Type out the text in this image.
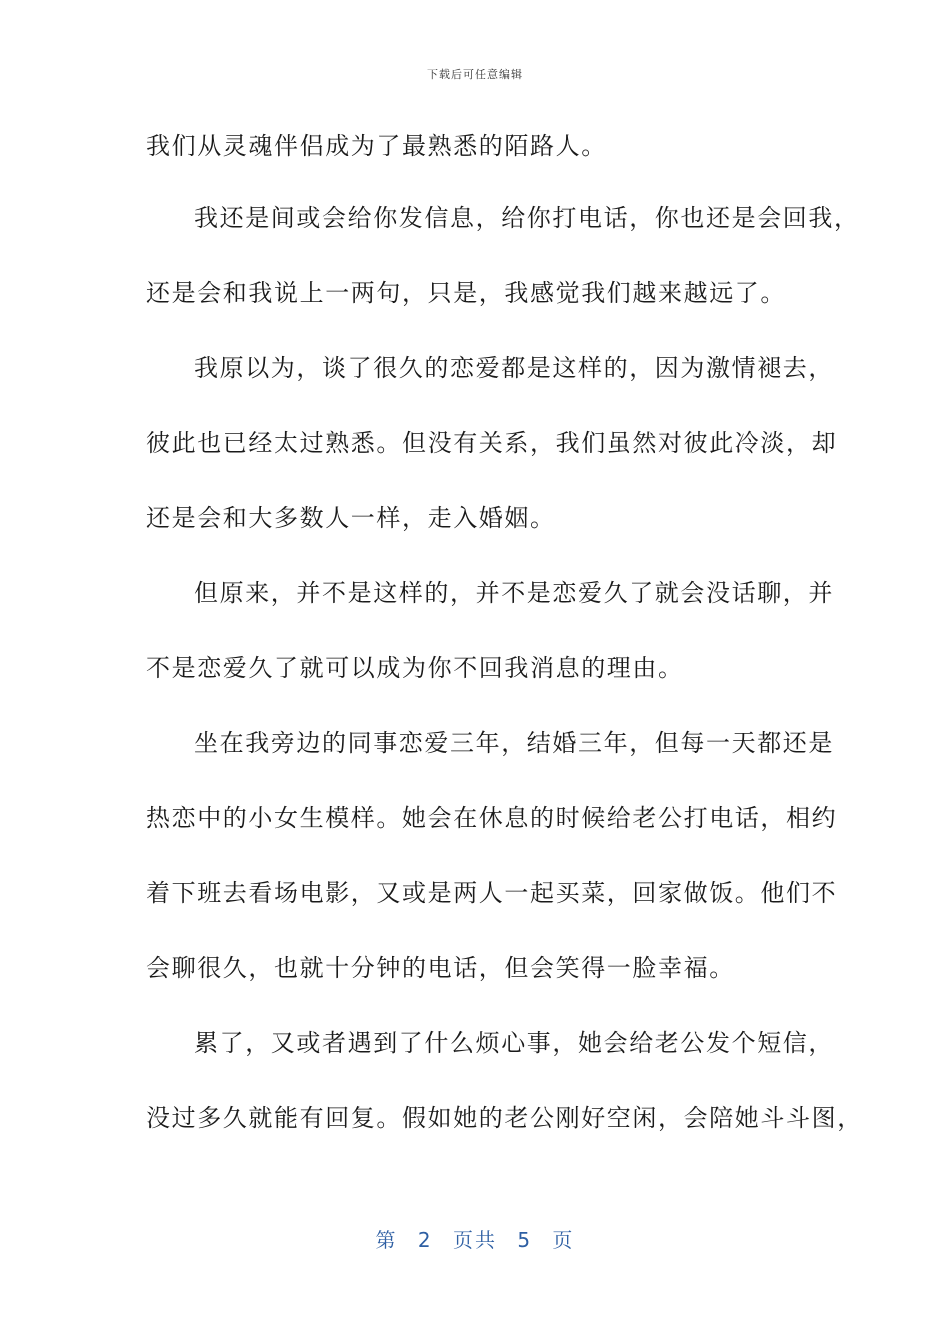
下载后可任意编辑
我们从灵魂伴侣成为了最熟悉的陌路人。
我还是间或会给你发信息，给你打电话，你也还是会回我，
还是会和我说上一两句，只是，我感觉我们越来越远了。
我原以为，谈了很久的恋爱都是这样的，因为激情褪去，
彼此也已经太过熟悉。但没有关系，我们虽然对彼此冷淡，却
还是会和大多数人一样，走入婚姻。
但原来，并不是这样的，并不是恋爱久了就会没话聊，并
不是恋爱久了就可以成为你不回我消息的理由。
坐在我旁边的同事恋爱三年，结婚三年，但每一天都还是
热恋中的小女生模样。她会在休息的时候给老公打电话，相约
着下班去看场电影，又或是两人一起买菜，回家做饭。他们不
会聊很久，也就十分钟的电话，但会笑得一脸幸福。
累了，又或者遇到了什么烦心事，她会给老公发个短信，
没过多久就能有回复。假如她的老公刚好空闲，会陪她斗斗图，
第 2 页共 5 页
